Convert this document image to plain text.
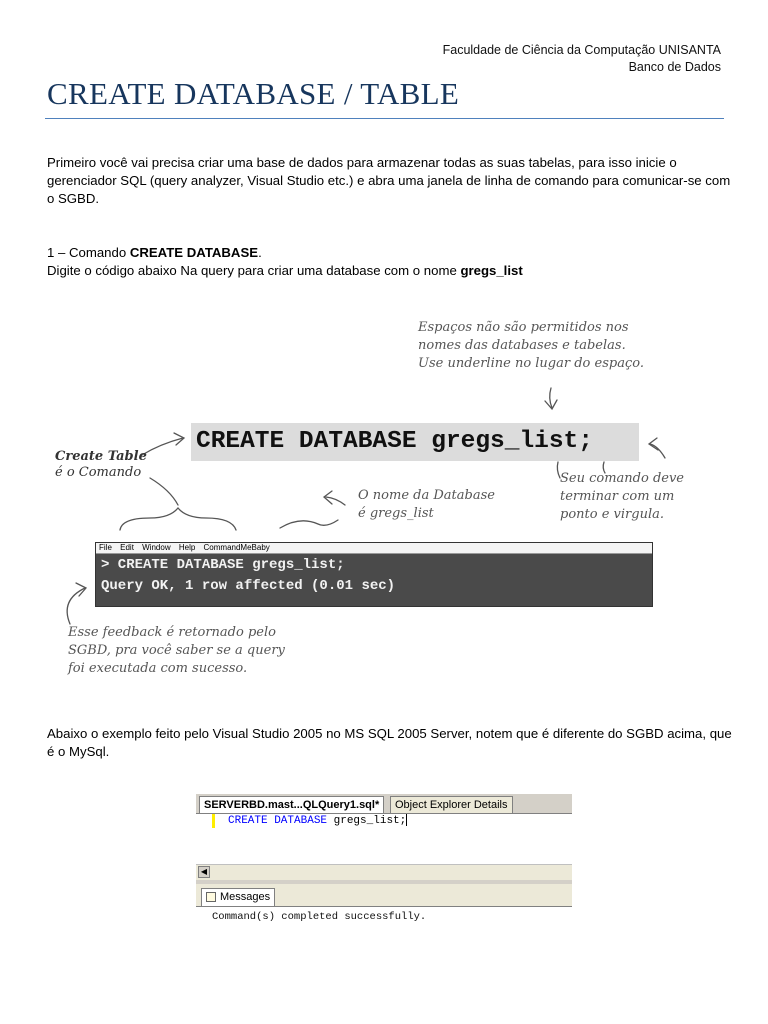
Faculdade de Ciência da Computação UNISANTA
Banco de Dados
CREATE DATABASE / TABLE
Primeiro você vai precisa criar uma base de dados para armazenar todas as suas tabelas, para isso inicie o gerenciador SQL (query analyzer, Visual Studio etc.) e abra uma janela de linha de comando para comunicar-se com o SGBD.
1 – Comando CREATE DATABASE.
Digite o código abaixo Na query para criar uma database com o nome gregs_list
Espaços não são permitidos nos
nomes das databases e tabelas.
Use underline no lugar do espaço.
CREATE DATABASE gregs_list;
Create Table
é o Comando
O nome da Database
é gregs_list
Seu comando deve
terminar com um
ponto e virgula.
File Edit Window Help CommandMeBaby
> CREATE DATABASE gregs_list;
Query OK, 1 row affected (0.01 sec)
Esse feedback é retornado pelo
SGBD, pra você saber se a query
foi executada com sucesso.
Abaixo o exemplo feito pelo Visual Studio 2005 no MS SQL 2005 Server, notem que é diferente do SGBD acima, que é o MySql.
SERVERBD.mast...QLQuery1.sql*	Object Explorer Details
CREATE DATABASE gregs_list;
◀
Messages
Command(s) completed successfully.
